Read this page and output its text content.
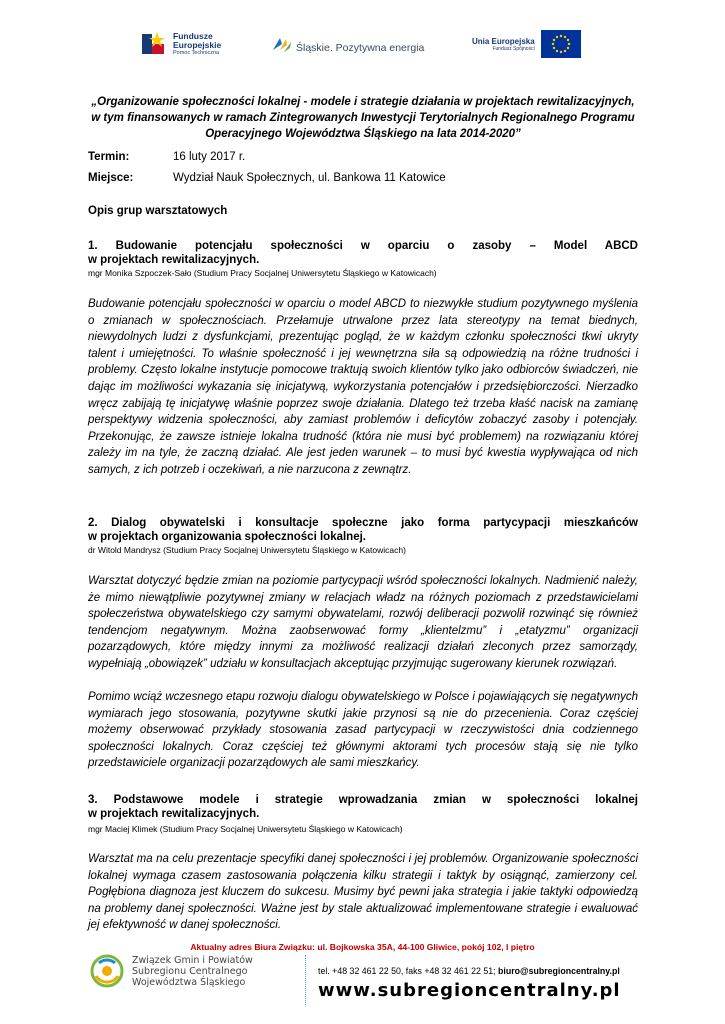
Fundusze
Europejskie
Pomoc Techniczna	Śląskie. Pozytywna energia
Unia Europejska
Fundusz Spójności
„Organizowanie społeczności lokalnej - modele i strategie działania w projektach rewitalizacyjnych, w tym finansowanych w ramach Zintegrowanych Inwestycji Terytorialnych Regionalnego Programu Operacyjnego Województwa Śląskiego na lata 2014-2020”
Termin:	16 luty 2017 r.
Miejsce:	Wydział Nauk Społecznych, ul. Bankowa 11 Katowice
Opis grup warsztatowych
1. Budowanie potencjału społeczności w oparciu o zasoby – Model ABCD
w projektach rewitalizacyjnych.
mgr Monika Szpoczek-Sało (Studium Pracy Socjalnej Uniwersytetu Śląskiego w Katowicach)

Budowanie potencjału społeczności w oparciu o model ABCD to niezwykłe studium pozytywnego myślenia o zmianach w społecznościach. Przełamuje utrwalone przez lata stereotypy na temat biednych, niewydolnych ludzi z dysfunkcjami, prezentując pogląd, że w każdym członku społeczności tkwi ukryty talent i umiejętności. To właśnie społeczność i jej wewnętrzna siła są odpowiedzią na różne trudności i problemy. Często lokalne instytucje pomocowe traktują swoich klientów tylko jako odbiorców świadczeń, nie dając im możliwości wykazania się inicjatywą, wykorzystania potencjałów i przedsiębiorczości. Nierzadko wręcz zabijają tę inicjatywę właśnie poprzez swoje działania. Dlatego też trzeba kłaść nacisk na zamianę perspektywy widzenia społeczności, aby zamiast problemów i deficytów zobaczyć zasoby i potencjały. Przekonując, że zawsze istnieje lokalna trudność (która nie musi być problemem) na rozwiązaniu której zależy im na tyle, że zaczną działać. Ale jest jeden warunek – to musi być kwestia wypływająca od nich samych, z ich potrzeb i oczekiwań, a nie narzucona z zewnątrz.

2. Dialog obywatelski i konsultacje społeczne jako forma partycypacji mieszkańców
w projektach organizowania społeczności lokalnej.
dr Witold Mandrysz (Studium Pracy Socjalnej Uniwersytetu Śląskiego w Katowicach)

Warsztat dotyczyć będzie zmian na poziomie partycypacji wśród społeczności lokalnych. Nadmienić należy, że mimo niewątpliwie pozytywnej zmiany w relacjach władz na różnych poziomach z przedstawicielami społeczeństwa obywatelskiego czy samymi obywatelami, rozwój deliberacji pozwolił rozwinąć się również tendencjom negatywnym. Można zaobserwować formy „klientelzmu” i „etatyzmu” organizacji pozarządowych, które między innymi za możliwość realizacji działań zleconych przez samorządy, wypełniają „obowiązek” udziału w konsultacjach akceptując przyjmując sugerowany kierunek rozwiązań.

Pomimo wciąż wczesnego etapu rozwoju dialogu obywatelskiego w Polsce i pojawiających się negatywnych wymiarach jego stosowania, pozytywne skutki jakie przynosi są nie do przecenienia. Coraz częściej możemy obserwować przykłady stosowania zasad partycypacji w rzeczywistości dnia codziennego społeczności lokalnych. Coraz częściej też głównymi aktorami tych procesów stają się nie tylko przedstawiciele organizacji pozarządowych ale sami mieszkańcy.

3. Podstawowe modele i strategie wprowadzania zmian w społeczności lokalnej
w projektach rewitalizacyjnych.
mgr Maciej Klimek (Studium Pracy Socjalnej Uniwersytetu Śląskiego w Katowicach)

Warsztat ma na celu prezentacje specyfiki danej społeczności i jej problemów. Organizowanie społeczności lokalnej wymaga czasem zastosowania połączenia kilku strategii i taktyk by osiągnąć, zamierzony cel. Pogłębiona diagnoza jest kluczem do sukcesu. Musimy być pewni jaka strategia i jakie taktyki odpowiedzą na problemy danej społeczności. Ważne jest by stale aktualizować implementowane strategie i ewaluować jej efektywność w danej społeczności.

Aktualny adres Biura Związku: ul. Bojkowska 35A, 44-100 Gliwice, pokój 102, I piętro
Związek Gmin i Powiatów
Subregionu Centralnego
Województwa Śląskiego
tel. +48 32 461 22 50, faks +48 32 461 22 51; biuro@subregioncentralny.pl
www.subregioncentralny.pl
